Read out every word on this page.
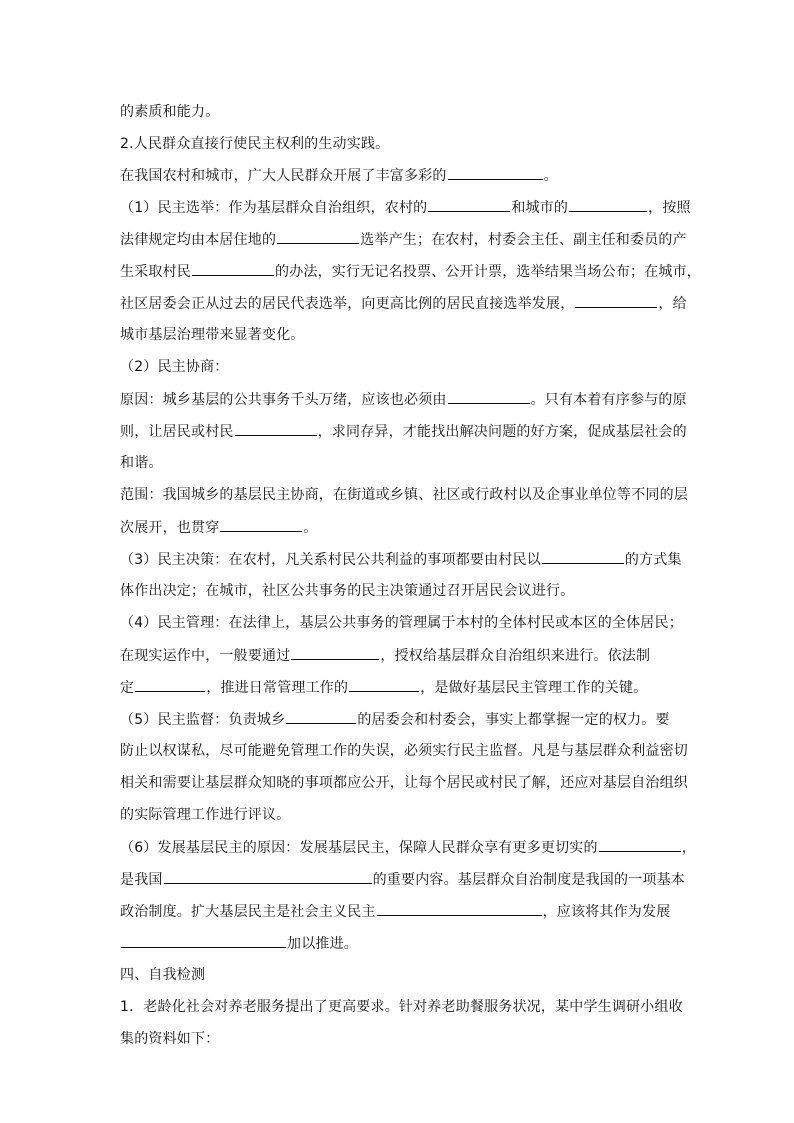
的素质和能力。
2.人民群众直接行使民主权利的生动实践。
在我国农村和城市，广大人民群众开展了丰富多彩的	。
（1）民主选举：作为基层群众自治组织，农村的	和城市的	，按照
法律规定均由本居住地的	选举产生；在农村，村委会主任、副主任和委员的产
生采取村民	的办法，实行无记名投票、公开计票，选举结果当场公布；在城市，
社区居委会正从过去的居民代表选举，向更高比例的居民直接选举发展，	，给
城市基层治理带来显著变化。
（2）民主协商：
原因：城乡基层的公共事务千头万绪，应该也必须由	。只有本着有序参与的原
则，让居民或村民	，求同存异，才能找出解决问题的好方案，促成基层社会的
和谐。
范围：我国城乡的基层民主协商，在街道或乡镇、社区或行政村以及企事业单位等不同的层
次展开，也贯穿	。
（3）民主决策：在农村，凡关系村民公共利益的事项都要由村民以	的方式集
体作出决定；在城市，社区公共事务的民主决策通过召开居民会议进行。
（4）民主管理：在法律上，基层公共事务的管理属于本村的全体村民或本区的全体居民；
在现实运作中，一般要通过	，授权给基层群众自治组织来进行。依法制
定	，推进日常管理工作的	，是做好基层民主管理工作的关键。
（5）民主监督：负责城乡	的居委会和村委会，事实上都掌握一定的权力。要
防止以权谋私，尽可能避免管理工作的失误，必须实行民主监督。凡是与基层群众利益密切
相关和需要让基层群众知晓的事项都应公开，让每个居民或村民了解，还应对基层自治组织
的实际管理工作进行评议。
（6）发展基层民主的原因：发展基层民主，保障人民群众享有更多更切实的	，
是我国	的重要内容。基层群众自治制度是我国的一项基本
政治制度。扩大基层民主是社会主义民主	，应该将其作为发展
加以推进。
四、自我检测
1．老龄化社会对养老服务提出了更高要求。针对养老助餐服务状况，某中学生调研小组收
集的资料如下：
